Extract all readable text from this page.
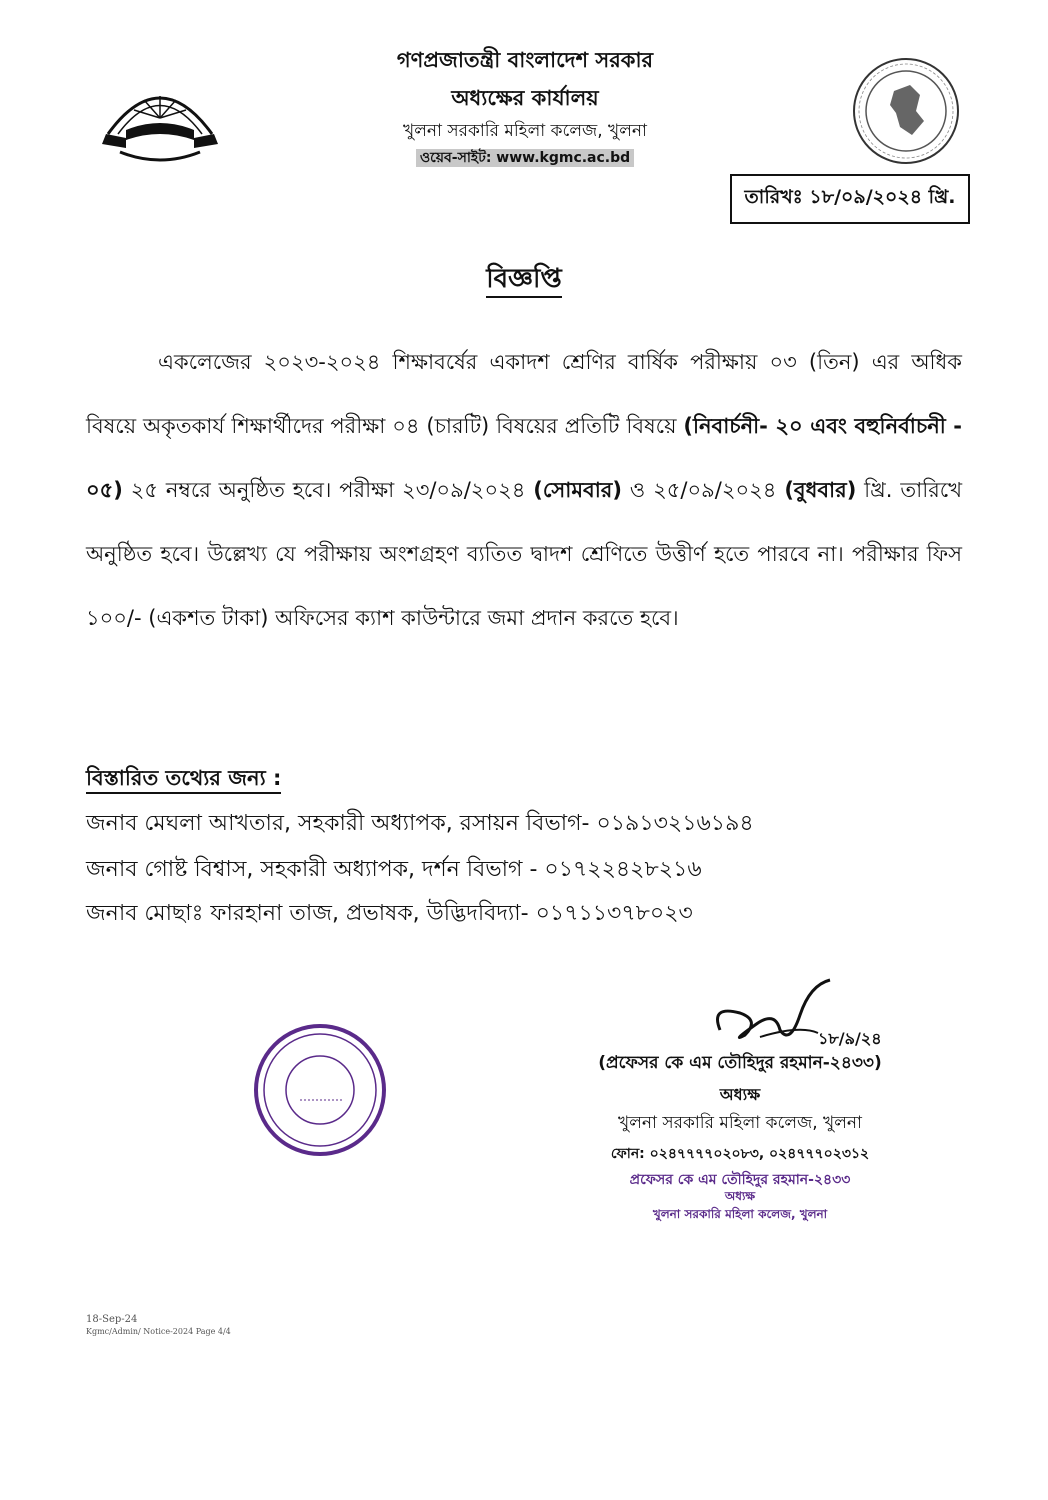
গণপ্রজাতন্ত্রী বাংলাদেশ সরকার
অধ্যক্ষের কার্যালয়
খুলনা সরকারি মহিলা কলেজ, খুলনা
ওয়েব-সাইট: www.kgmc.ac.bd
তারিখঃ ১৮/০৯/২০২৪ খ্রি.
বিজ্ঞপ্তি

একলেজের ২০২৩-২০২৪ শিক্ষাবর্ষের একাদশ শ্রেণির বার্ষিক পরীক্ষায় ০৩ (তিন) এর অধিক বিষয়ে অকৃতকার্য শিক্ষার্থীদের পরীক্ষা ০৪ (চারটি) বিষয়ের প্রতিটি বিষয়ে (নিবার্চনী- ২০ এবং বহুনির্বাচনী - ০৫) ২৫ নম্বরে অনুষ্ঠিত হবে। পরীক্ষা ২৩/০৯/২০২৪ (সোমবার) ও ২৫/০৯/২০২৪ (বুধবার) খ্রি. তারিখে অনুষ্ঠিত হবে। উল্লেখ্য যে পরীক্ষায় অংশগ্রহণ ব্যতিত দ্বাদশ শ্রেণিতে উত্তীর্ণ হতে পারবে না। পরীক্ষার ফিস ১০০/- (একশত টাকা) অফিসের ক্যাশ কাউন্টারে জমা প্রদান করতে হবে।

বিস্তারিত তথ্যের জন্য :
জনাব মেঘলা আখতার, সহকারী অধ্যাপক, রসায়ন বিভাগ- ০১৯১৩২১৬১৯৪
জনাব গোষ্ট বিশ্বাস, সহকারী অধ্যাপক, দর্শন বিভাগ - ০১৭২২৪২৮২১৬
জনাব মোছাঃ ফারহানা তাজ, প্রভাষক, উদ্ভিদবিদ্যা- ০১৭১১৩৭৮০২৩
১৮/৯/২৪
(প্রফেসর কে এম তৌহিদুর রহমান-২৪৩৩)
অধ্যক্ষ
খুলনা সরকারি মহিলা কলেজ, খুলনা
ফোন: ০২৪৭৭৭৭০২০৮৩, ০২৪৭৭৭০২৩১২
প্রফেসর কে এম তৌহিদুর রহমান-২৪৩৩
অধ্যক্ষ
খুলনা সরকারি মহিলা কলেজ, খুলনা
18-Sep-24
Kgmc/Admin/ Notice-2024 Page 4/4
